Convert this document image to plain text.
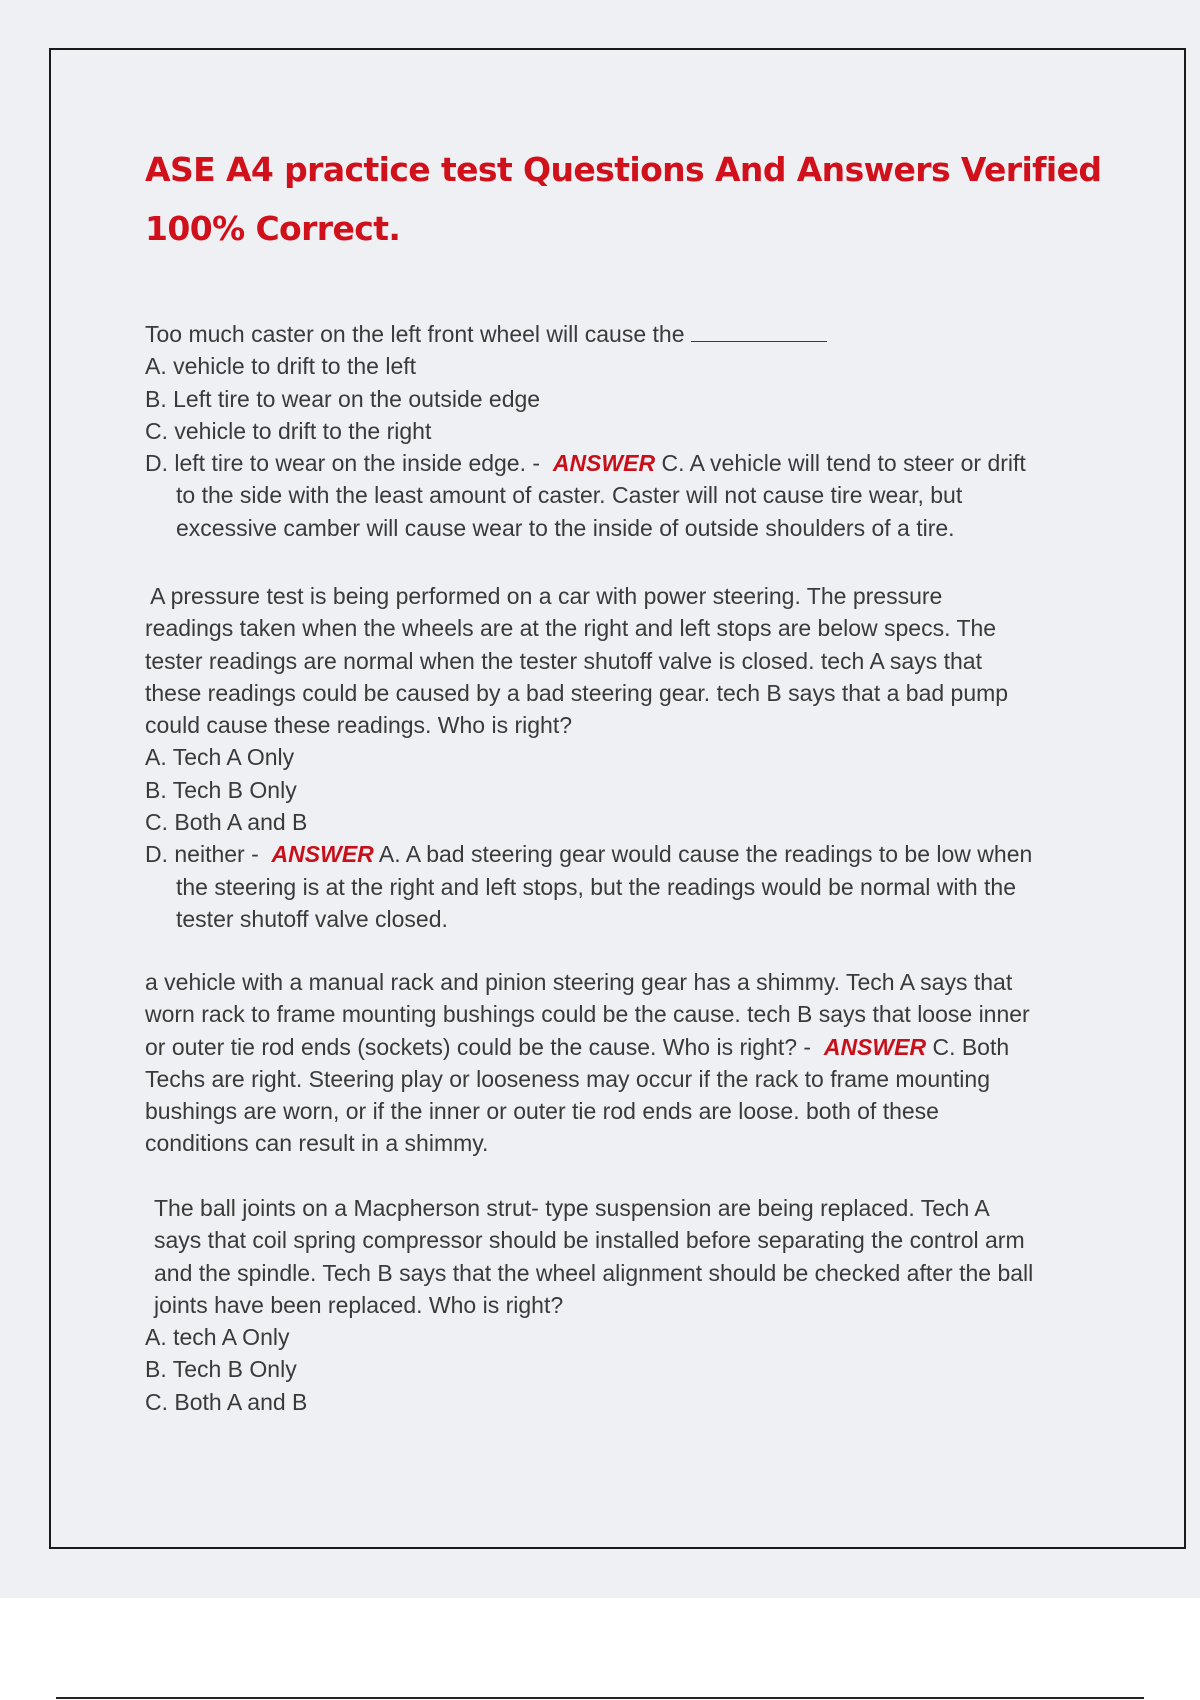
ASE A4 practice test Questions And Answers Verified
100% Correct.
Too much caster on the left front wheel will cause the
A. vehicle to drift to the left
B. Left tire to wear on the outside edge
C. vehicle to drift to the right
D. left tire to wear on the inside edge. - ANSWER C. A vehicle will tend to steer or drift
to the side with the least amount of caster. Caster will not cause tire wear, but
excessive camber will cause wear to the inside of outside shoulders of a tire.
A pressure test is being performed on a car with power steering. The pressure
readings taken when the wheels are at the right and left stops are below specs. The
tester readings are normal when the tester shutoff valve is closed. tech A says that
these readings could be caused by a bad steering gear. tech B says that a bad pump
could cause these readings. Who is right?
A. Tech A Only
B. Tech B Only
C. Both A and B
D. neither - ANSWER A. A bad steering gear would cause the readings to be low when
the steering is at the right and left stops, but the readings would be normal with the
tester shutoff valve closed.
a vehicle with a manual rack and pinion steering gear has a shimmy. Tech A says that
worn rack to frame mounting bushings could be the cause. tech B says that loose inner
or outer tie rod ends (sockets) could be the cause. Who is right? - ANSWER C. Both
Techs are right. Steering play or looseness may occur if the rack to frame mounting
bushings are worn, or if the inner or outer tie rod ends are loose. both of these
conditions can result in a shimmy.
The ball joints on a Macpherson strut- type suspension are being replaced. Tech A
says that coil spring compressor should be installed before separating the control arm
and the spindle. Tech B says that the wheel alignment should be checked after the ball
joints have been replaced. Who is right?
A. tech A Only
B. Tech B Only
C. Both A and B
